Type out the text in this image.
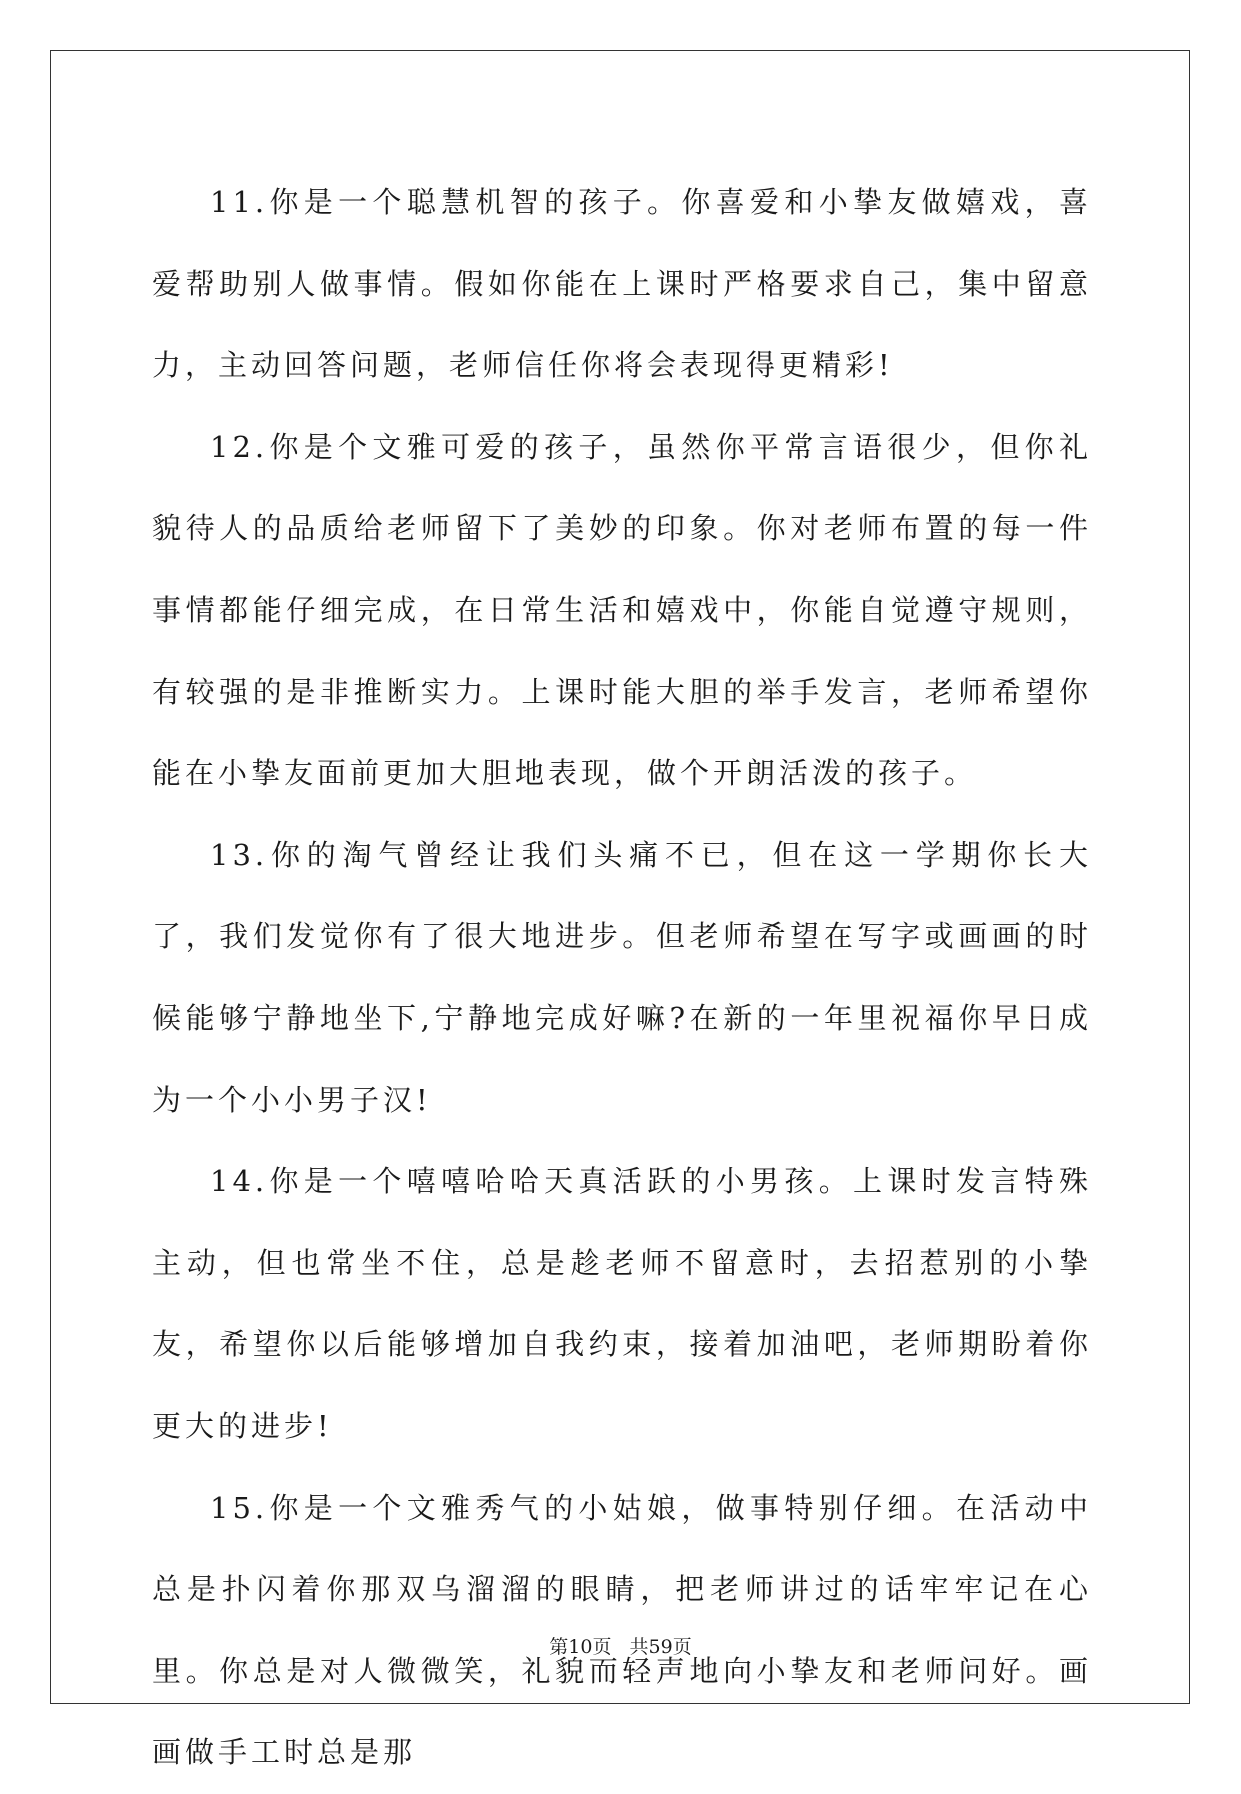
11.你是一个聪慧机智的孩子。你喜爱和小挚友做嬉戏，喜爱帮助别人做事情。假如你能在上课时严格要求自己，集中留意力，主动回答问题，老师信任你将会表现得更精彩!

12.你是个文雅可爱的孩子，虽然你平常言语很少，但你礼貌待人的品质给老师留下了美妙的印象。你对老师布置的每一件事情都能仔细完成，在日常生活和嬉戏中，你能自觉遵守规则，有较强的是非推断实力。上课时能大胆的举手发言，老师希望你能在小挚友面前更加大胆地表现，做个开朗活泼的孩子。

13.你的淘气曾经让我们头痛不已，但在这一学期你长大了，我们发觉你有了很大地进步。但老师希望在写字或画画的时候能够宁静地坐下,宁静地完成好嘛?在新的一年里祝福你早日成为一个小小男子汉!

14.你是一个嘻嘻哈哈天真活跃的小男孩。上课时发言特殊主动，但也常坐不住，总是趁老师不留意时，去招惹别的小挚友，希望你以后能够增加自我约束，接着加油吧，老师期盼着你更大的进步!

15.你是一个文雅秀气的小姑娘，做事特别仔细。在活动中总是扑闪着你那双乌溜溜的眼睛，把老师讲过的话牢牢记在心里。你总是对人微微笑，礼貌而轻声地向小挚友和老师问好。画画做手工时总是那

第10页 共59页
